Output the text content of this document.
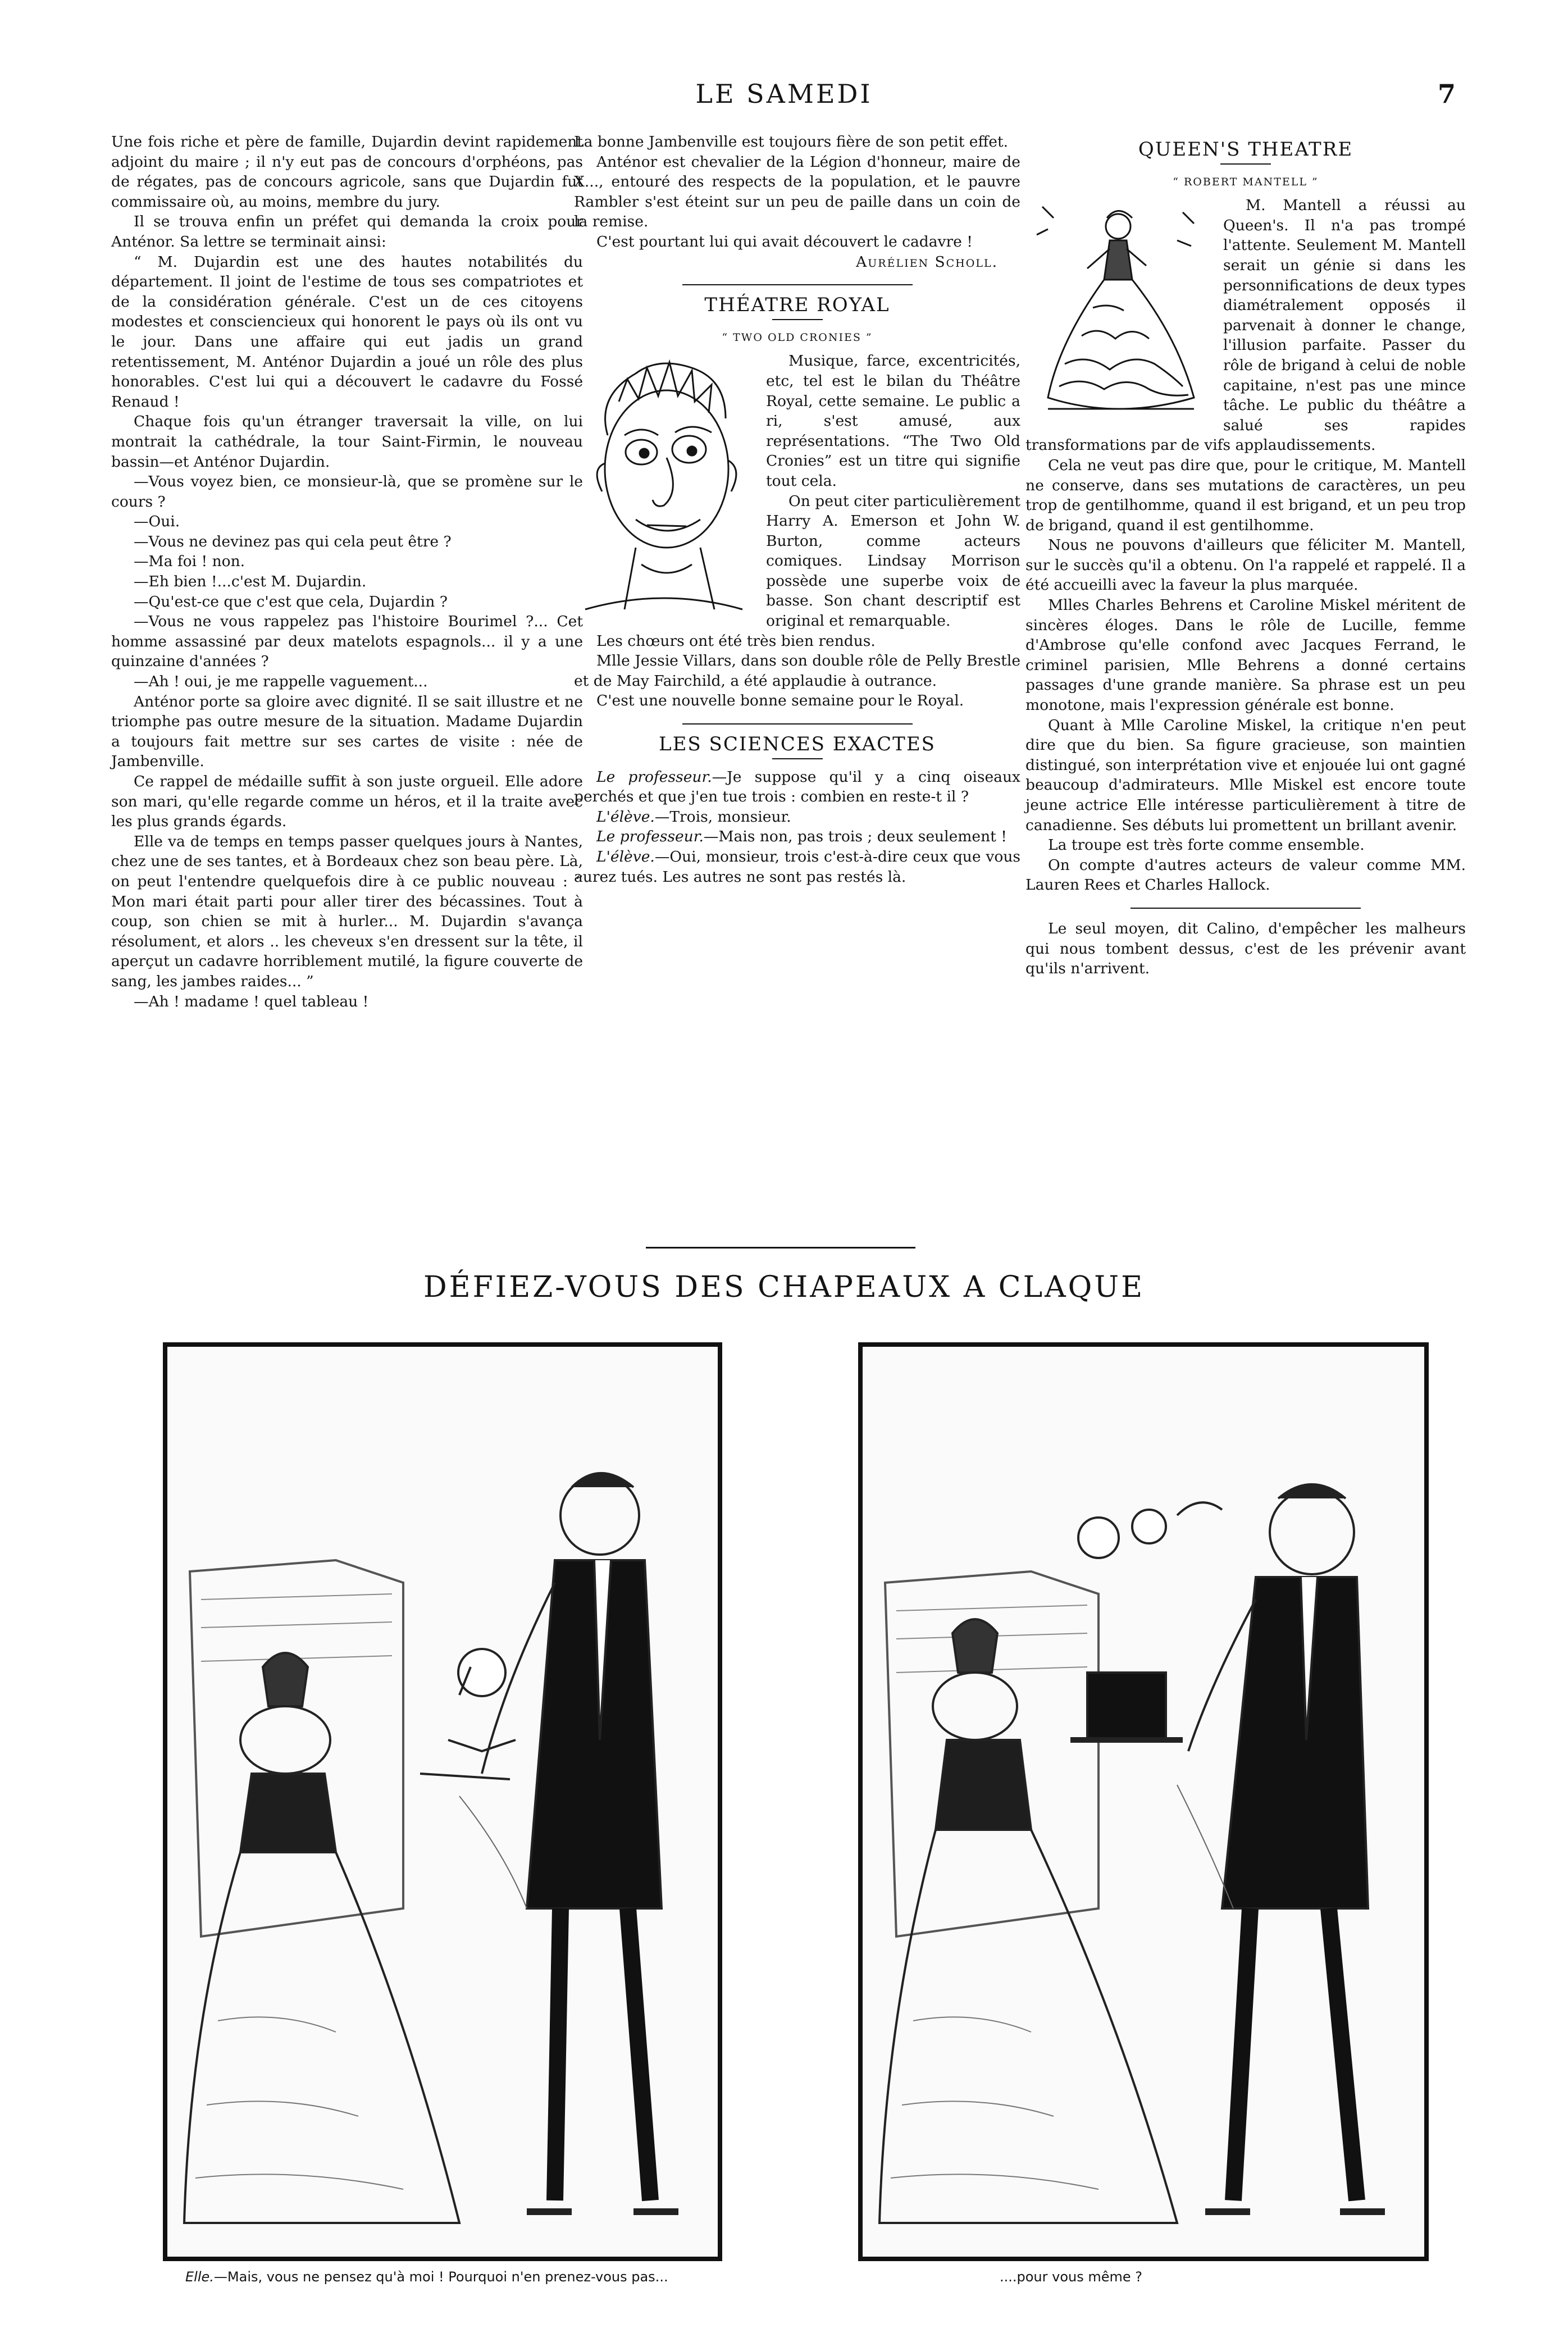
LE SAMEDI	7

Une fois riche et père de famille, Dujardin devint rapidement adjoint du maire ; il n'y eut pas de concours d'orphéons, pas de régates, pas de concours agricole, sans que Dujardin fut commissaire où, au moins, membre du jury.

Il se trouva enfin un préfet qui demanda la croix pour Anténor. Sa lettre se terminait ainsi:

“ M. Dujardin est une des hautes notabilités du département. Il joint de l'estime de tous ses compatriotes et de la considération générale. C'est un de ces citoyens modestes et consciencieux qui honorent le pays où ils ont vu le jour. Dans une affaire qui eut jadis un grand retentissement, M. Anténor Dujardin a joué un rôle des plus honorables. C'est lui qui a découvert le cadavre du Fossé Renaud !

Chaque fois qu'un étranger traversait la ville, on lui montrait la cathédrale, la tour Saint-Firmin, le nouveau bassin—et Anténor Dujardin.

—Vous voyez bien, ce monsieur-là, que se promène sur le cours ?

—Oui.

—Vous ne devinez pas qui cela peut être ?

—Ma foi ! non.

—Eh bien !...c'est M. Dujardin.

—Qu'est-ce que c'est que cela, Dujardin ?

—Vous ne vous rappelez pas l'histoire Bourimel ?... Cet homme assassiné par deux matelots espagnols... il y a une quinzaine d'années ?

—Ah ! oui, je me rappelle vaguement...

Anténor porte sa gloire avec dignité. Il se sait illustre et ne triomphe pas outre mesure de la situation. Madame Dujardin a toujours fait mettre sur ses cartes de visite : née de Jambenville.

Ce rappel de médaille suffit à son juste orgueil. Elle adore son mari, qu'elle regarde comme un héros, et il la traite avec les plus grands égards.

Elle va de temps en temps passer quelques jours à Nantes, chez une de ses tantes, et à Bordeaux chez son beau père. Là, on peut l'entendre quelquefois dire à ce public nouveau : “ Mon mari était parti pour aller tirer des bécassines. Tout à coup, son chien se mit à hurler... M. Dujardin s'avança résolument, et alors .. les cheveux s'en dressent sur la tête, il aperçut un cadavre horriblement mutilé, la figure couverte de sang, les jambes raides... ”

—Ah ! madame ! quel tableau !

La bonne Jambenville est toujours fière de son petit effet.

Anténor est chevalier de la Légion d'honneur, maire de X..., entouré des respects de la population, et le pauvre Rambler s'est éteint sur un peu de paille dans un coin de la remise.

C'est pourtant lui qui avait découvert le cadavre !

Aurélien Scholl.

THÉATRE ROYAL
“ TWO OLD CRONIES ”

Musique, farce, excentricités, etc, tel est le bilan du Théâtre Royal, cette semaine. Le public a ri, s'est amusé, aux représentations. “The Two Old Cronies” est un titre qui signifie tout cela.

On peut citer particulièrement Harry A. Emerson et John W. Burton, comme acteurs comiques. Lindsay Morrison possède une superbe voix de basse. Son chant descriptif est original et remarquable.

Les chœurs ont été très bien rendus.

Mlle Jessie Villars, dans son double rôle de Pelly Brestle et de May Fairchild, a été applaudie à outrance.

C'est une nouvelle bonne semaine pour le Royal.

LES SCIENCES EXACTES

Le professeur.—Je suppose qu'il y a cinq oiseaux perchés et que j'en tue trois : combien en reste-t il ?

L'élève.—Trois, monsieur.

Le professeur.—Mais non, pas trois ; deux seulement !

L'élève.—Oui, monsieur, trois c'est-à-dire ceux que vous aurez tués. Les autres ne sont pas restés là.

QUEEN'S THEATRE
“ ROBERT MANTELL ”

M. Mantell a réussi au Queen's. Il n'a pas trompé l'attente. Seulement M. Mantell serait un génie si dans les personnifications de deux types diamétralement opposés il parvenait à donner le change, l'illusion parfaite. Passer du rôle de brigand à celui de noble capitaine, n'est pas une mince tâche. Le public du théâtre a salué ses rapides transformations par de vifs applaudissements.

Cela ne veut pas dire que, pour le critique, M. Mantell ne conserve, dans ses mutations de caractères, un peu trop de gentilhomme, quand il est brigand, et un peu trop de brigand, quand il est gentilhomme.

Nous ne pouvons d'ailleurs que féliciter M. Mantell, sur le succès qu'il a obtenu. On l'a rappelé et rappelé. Il a été accueilli avec la faveur la plus marquée.

Mlles Charles Behrens et Caroline Miskel méritent de sincères éloges. Dans le rôle de Lucille, femme d'Ambrose qu'elle confond avec Jacques Ferrand, le criminel parisien, Mlle Behrens a donné certains passages d'une grande manière. Sa phrase est un peu monotone, mais l'expression générale est bonne.

Quant à Mlle Caroline Miskel, la critique n'en peut dire que du bien. Sa figure gracieuse, son maintien distingué, son interprétation vive et enjouée lui ont gagné beaucoup d'admirateurs. Mlle Miskel est encore toute jeune actrice Elle intéresse particulièrement à titre de canadienne. Ses débuts lui promettent un brillant avenir.

La troupe est très forte comme ensemble.

On compte d'autres acteurs de valeur comme MM. Lauren Rees et Charles Hallock.

Le seul moyen, dit Calino, d'empêcher les malheurs qui nous tombent dessus, c'est de les prévenir avant qu'ils n'arrivent.

DÉFIEZ-VOUS DES CHAPEAUX A CLAQUE
Elle.—Mais, vous ne pensez qu'à moi ! Pourquoi n'en prenez-vous pas...	....pour vous même ?
